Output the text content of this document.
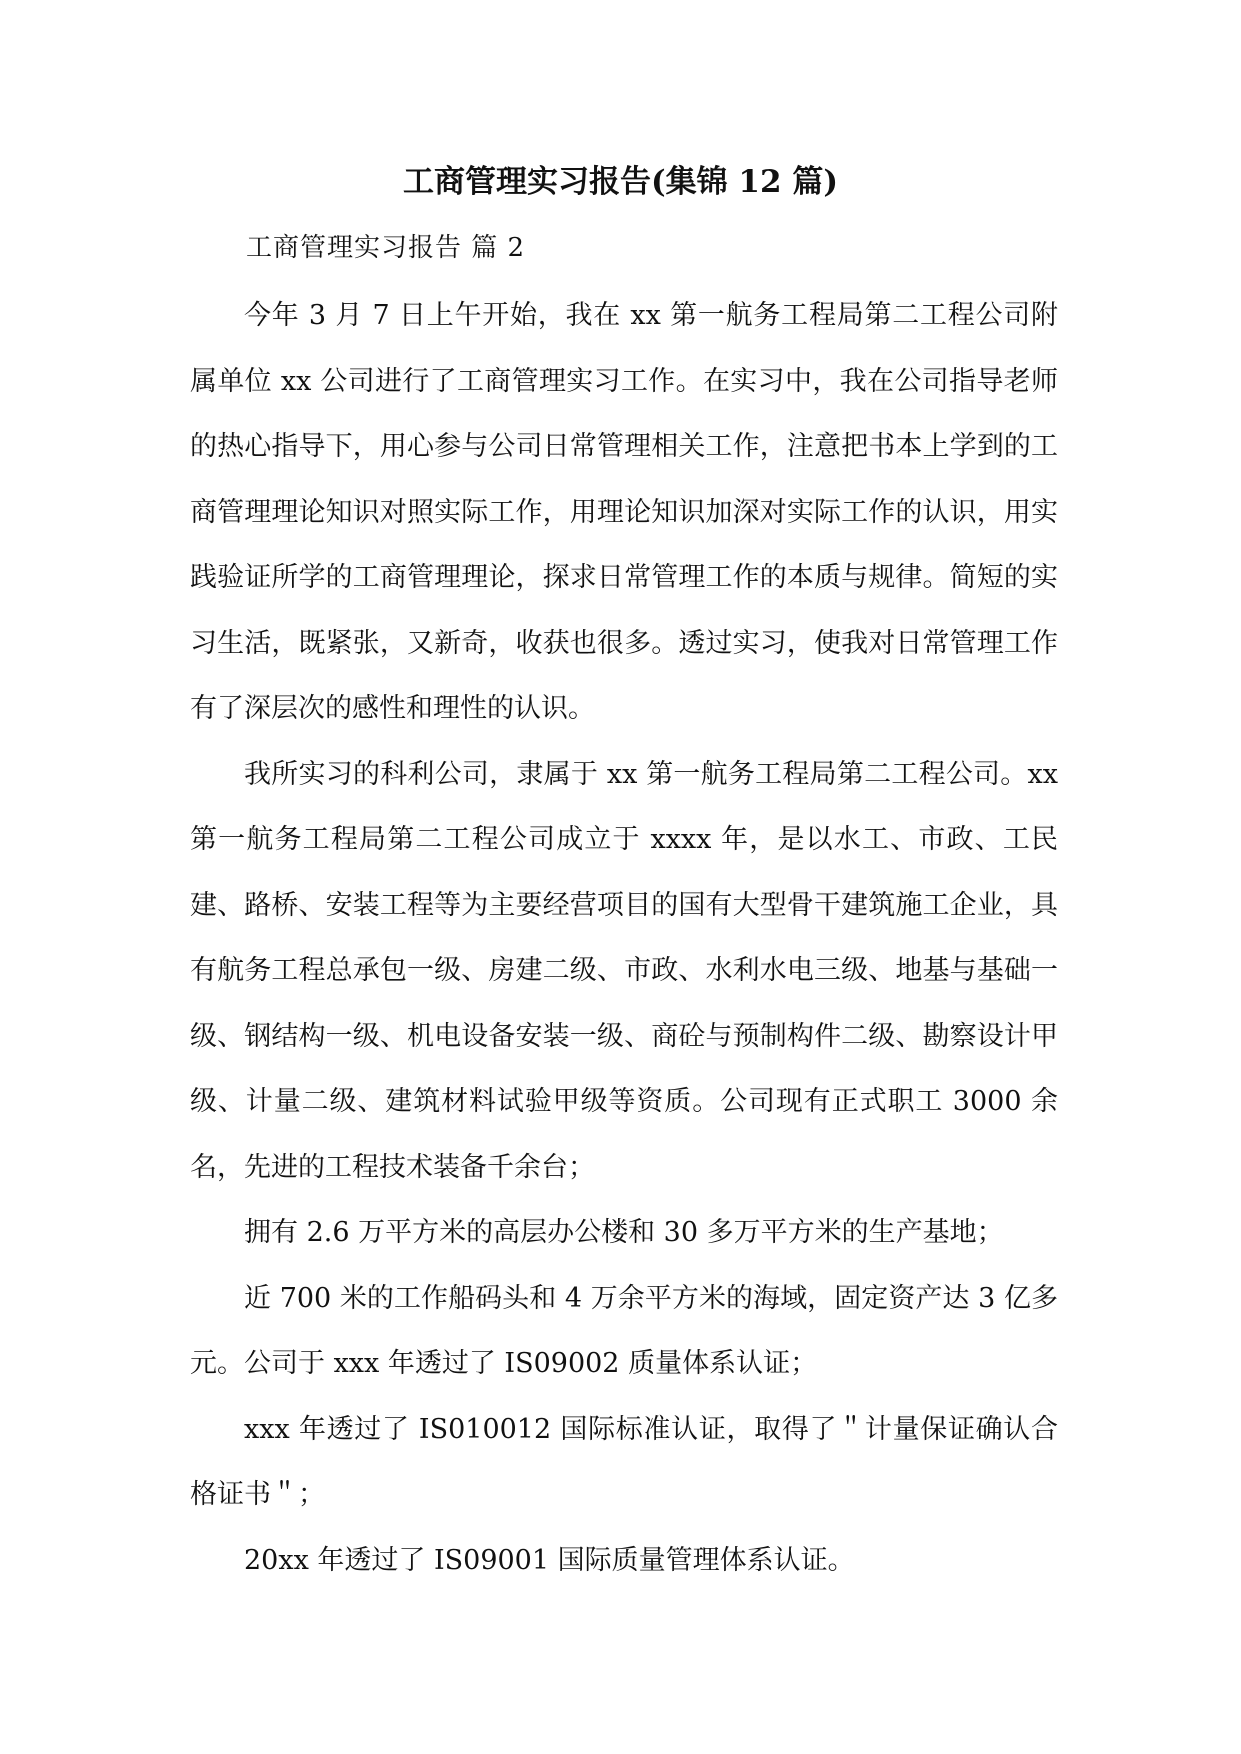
工商管理实习报告(集锦 12 篇)
工商管理实习报告 篇 2

今年 3 月 7 日上午开始，我在 xx 第一航务工程局第二工程公司附属单位 xx 公司进行了工商管理实习工作。在实习中，我在公司指导老师的热心指导下，用心参与公司日常管理相关工作，注意把书本上学到的工商管理理论知识对照实际工作，用理论知识加深对实际工作的认识，用实践验证所学的工商管理理论，探求日常管理工作的本质与规律。简短的实习生活，既紧张，又新奇，收获也很多。透过实习，使我对日常管理工作有了深层次的感性和理性的认识。

我所实习的科利公司，隶属于 xx 第一航务工程局第二工程公司。xx 第一航务工程局第二工程公司成立于 xxxx 年，是以水工、市政、工民建、路桥、安装工程等为主要经营项目的国有大型骨干建筑施工企业，具有航务工程总承包一级、房建二级、市政、水利水电三级、地基与基础一级、钢结构一级、机电设备安装一级、商砼与预制构件二级、勘察设计甲级、计量二级、建筑材料试验甲级等资质。公司现有正式职工 3000 余名，先进的工程技术装备千余台；

拥有 2.6 万平方米的高层办公楼和 30 多万平方米的生产基地；

近 700 米的工作船码头和 4 万余平方米的海域，固定资产达 3 亿多元。公司于 xxx 年透过了 IS09002 质量体系认证；

xxx 年透过了 IS010012 国际标准认证，取得了＂计量保证确认合格证书＂；

20xx 年透过了 IS09001 国际质量管理体系认证。
